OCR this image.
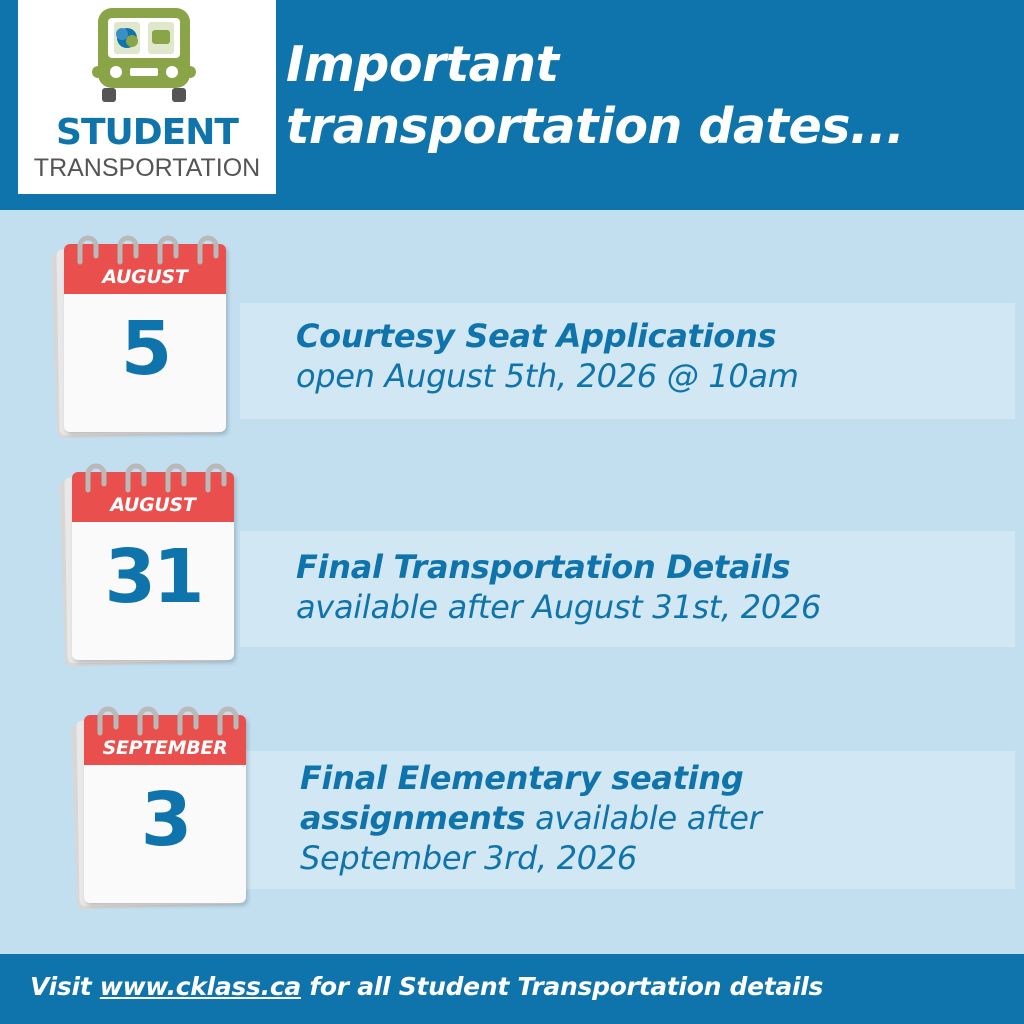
STUDENT
TRANSPORTATION
Important
transportation dates...
AUGUST
5	Courtesy Seat Applications
open August 5th, 2026 @ 10am
AUGUST
31	Final Transportation Details
available after August 31st, 2026
SEPTEMBER
3	Final Elementary seating
assignments available after
September 3rd, 2026
Visit www.cklass.ca for all Student Transportation details
